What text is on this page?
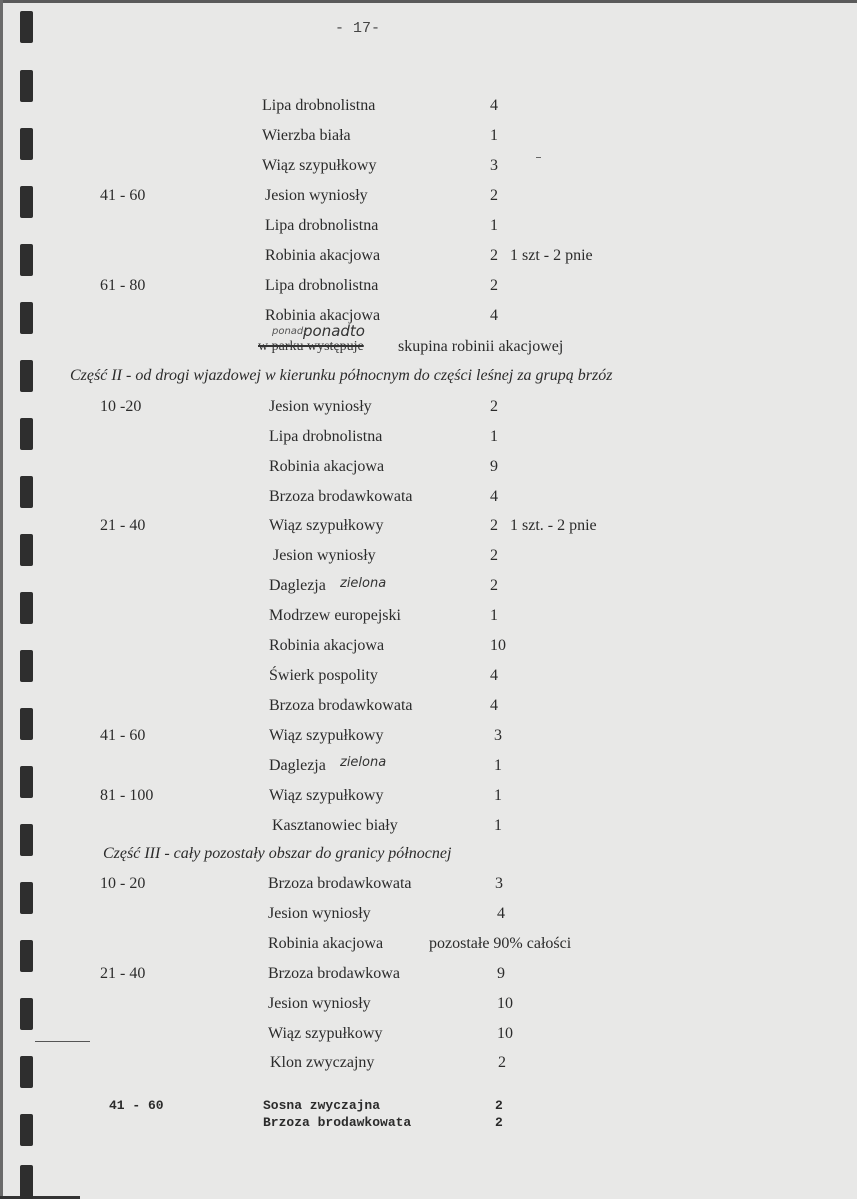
- 17-
Lipa drobnolistna	4
Wierzba biała	1
Wiąz szypułkowy	3
41 - 60	Jesion wyniosły	2
Lipa drobnolistna	1
Robinia akacjowa	2 1 szt - 2 pnie
61 - 80	Lipa drobnolistna	2
Robinia akacjowa	4
ponad-
ponadto
w parku występuje skupina robinii akacjowej
Część II - od drogi wjazdowej w kierunku północnym do części leśnej za grupą brzóz
10 -20	Jesion wyniosły	2
Lipa drobnolistna	1
Robinia akacjowa	9
Brzoza brodawkowata	4
21 - 40	Wiąz szypułkowy	2 1 szt. - 2 pnie
Jesion wyniosły	2
Daglezja zielona	2
Modrzew europejski	1
Robinia akacjowa	10
Świerk pospolity	4
Brzoza brodawkowata	4
41 - 60	Wiąz szypułkowy	3
Daglezja zielona	1
81 - 100	Wiąz szypułkowy	1
Kasztanowiec biały	1
Część III - cały pozostały obszar do granicy północnej
10 - 20	Brzoza brodawkowata	3
Jesion wyniosły	4
Robinia akacjowa	pozostałe 90% całości
21 - 40	Brzoza brodawkowa	9
Jesion wyniosły	10
Wiąz szypułkowy	10
Klon zwyczajny	2
41 - 60	Sosna zwyczajna	2
Brzoza brodawkowata	2
